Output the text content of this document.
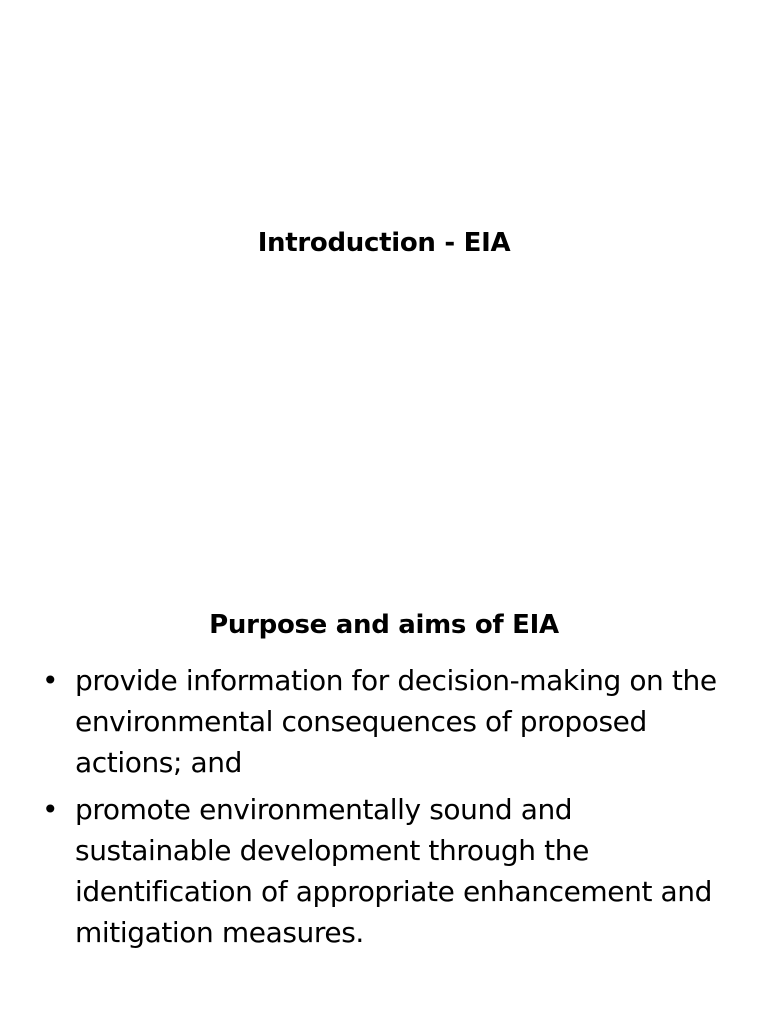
Introduction - EIA
Purpose and aims of EIA
• provide information for decision-making on the environmental consequences of proposed actions; and
• promote environmentally sound and sustainable development through the identification of appropriate enhancement and mitigation measures.
